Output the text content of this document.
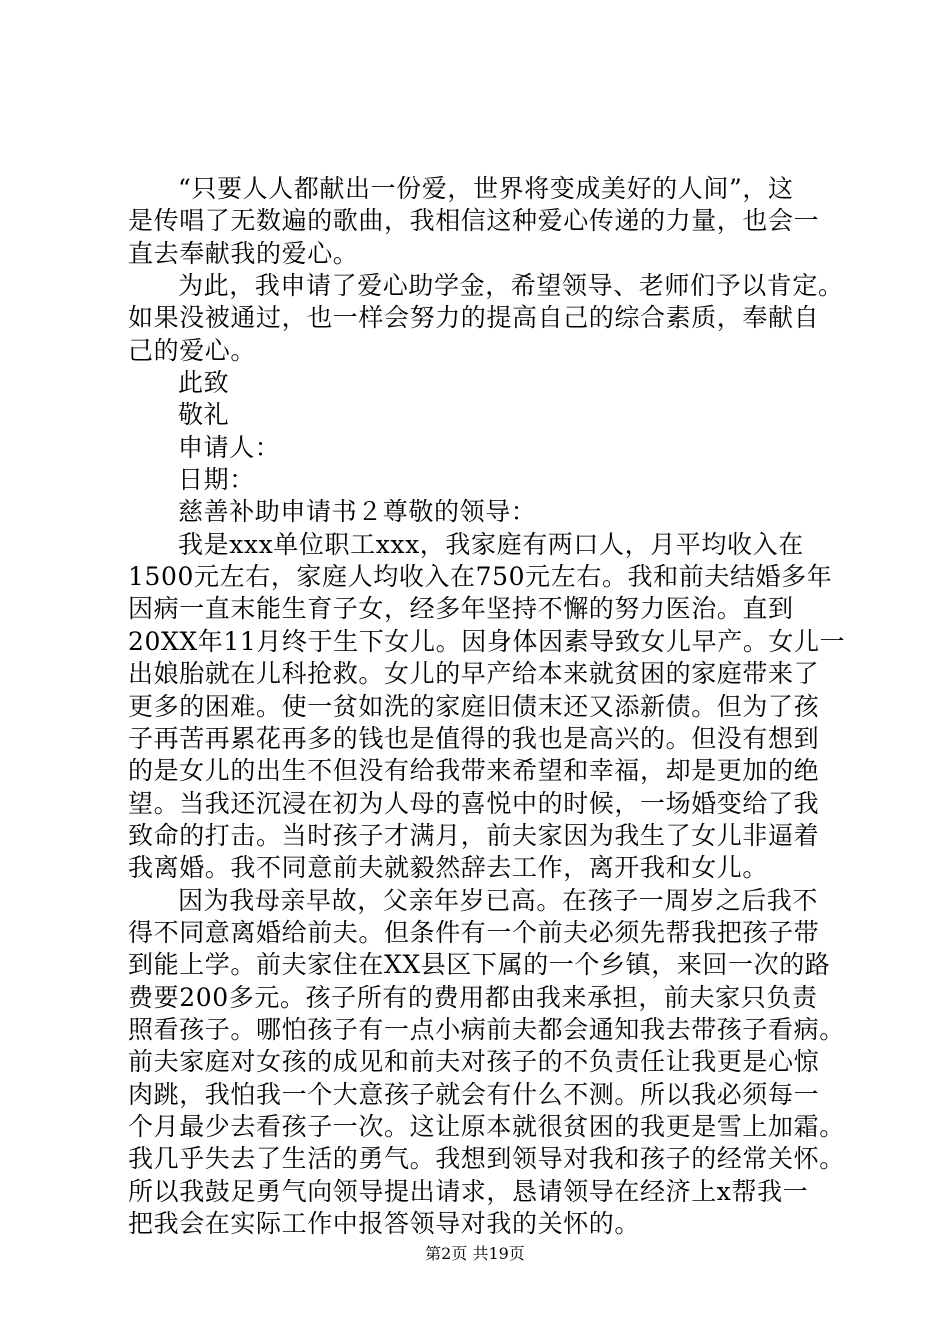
“只要人人都献出一份爱，世界将变成美好的人间”，这
是传唱了无数遍的歌曲，我相信这种爱心传递的力量，也会一
直去奉献我的爱心。
为此，我申请了爱心助学金，希望领导、老师们予以肯定。
如果没被通过，也一样会努力的提高自己的综合素质，奉献自
己的爱心。
此致
敬礼
申请人：
日期：
慈善补助申请书２尊敬的领导：
我是xxx单位职工xxx，我家庭有两口人，月平均收入在
1500元左右，家庭人均收入在750元左右。我和前夫结婚多年
因病一直末能生育子女，经多年坚持不懈的努力医治。直到
20XX年11月终于生下女儿。因身体因素导致女儿早产。女儿一
出娘胎就在儿科抢救。女儿的早产给本来就贫困的家庭带来了
更多的困难。使一贫如洗的家庭旧债末还又添新债。但为了孩
子再苦再累花再多的钱也是值得的我也是高兴的。但没有想到
的是女儿的出生不但没有给我带来希望和幸福，却是更加的绝
望。当我还沉浸在初为人母的喜悦中的时候，一场婚变给了我
致命的打击。当时孩子才满月，前夫家因为我生了女儿非逼着
我离婚。我不同意前夫就毅然辞去工作，离开我和女儿。
因为我母亲早故，父亲年岁已高。在孩子一周岁之后我不
得不同意离婚给前夫。但条件有一个前夫必须先帮我把孩子带
到能上学。前夫家住在XX县区下属的一个乡镇，来回一次的路
费要200多元。孩子所有的费用都由我来承担，前夫家只负责
照看孩子。哪怕孩子有一点小病前夫都会通知我去带孩子看病。
前夫家庭对女孩的成见和前夫对孩子的不负责任让我更是心惊
肉跳，我怕我一个大意孩子就会有什么不测。所以我必须每一
个月最少去看孩子一次。这让原本就很贫困的我更是雪上加霜。
我几乎失去了生活的勇气。我想到领导对我和孩子的经常关怀。
所以我鼓足勇气向领导提出请求，恳请领导在经济上x帮我一
把我会在实际工作中报答领导对我的关怀的。
第2页 共19页
